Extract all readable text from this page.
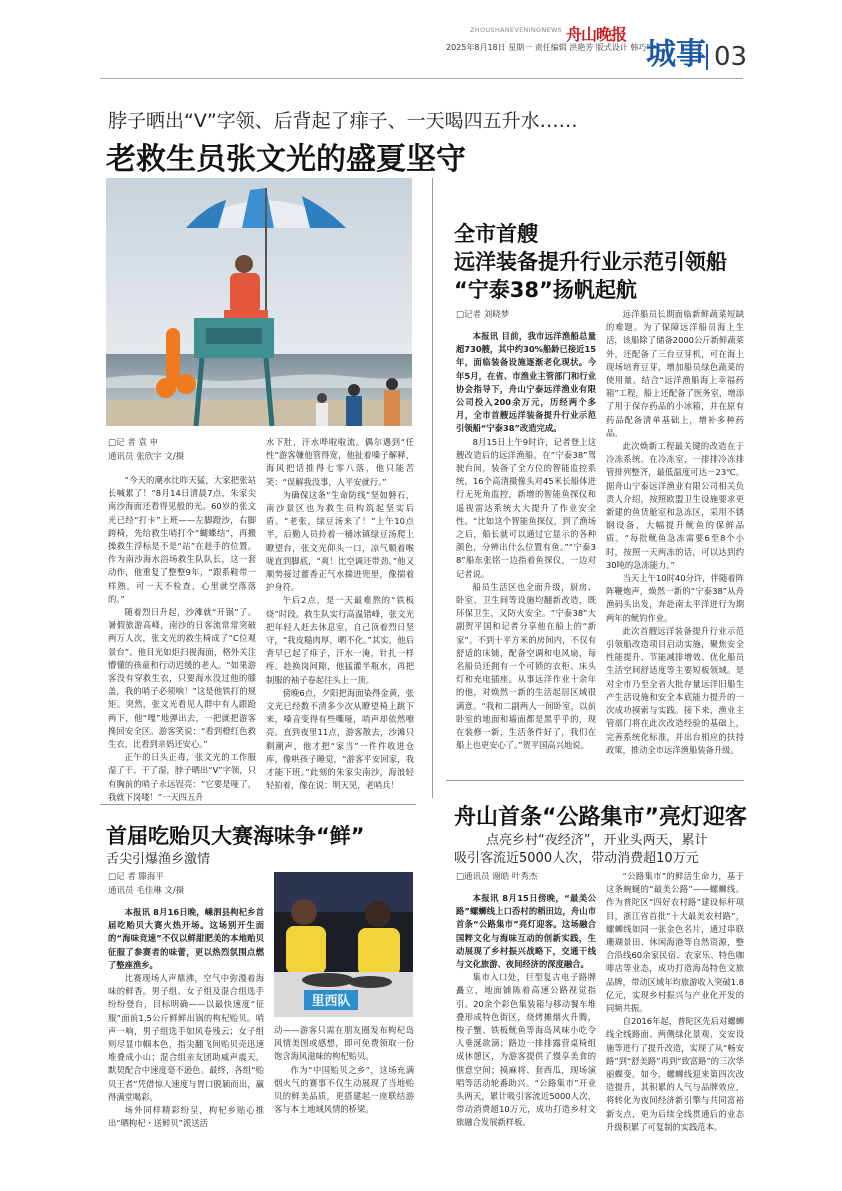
ZHOUSHANEVENINGNEWS 舟山晚报
2025年8月18日 星期一 责任编辑 洪艳芳 版式设计 韩巧叶
城事 03
脖子晒出“V”字领、后背起了痱子、一天喝四五升水……
老救生员张文光的盛夏坚守
□记 者 袁 申
通讯员 张欣宇 文/摄

“今天的潮水比昨天猛，大家把张站长喊累了！”8月14日清晨7点，朱家尖南沙海面还看得见般的光。60岁的张文光已经“打卡”上班——左脚蹬沙，右脚跨椅，先给救生哨打个“蝴蝶结”，再搬操救生浮标是不是“站”在趁手的位置。作为南沙海水浴场救生队队长，这一套动作，他重复了整整9年，“跟系鞋带一样熟，可一天不检查，心里就空落落的。”

随着烈日升起，沙滩就“开锅”了。暑假旅游高峰，南沙的日客流常常突破两万人次，张文光的救生椅成了“C位观景台”。他目光如炬扫视海面，格外关注懵懂的孩童和行动迟缓的老人。“如果游客没有穿救生衣，只要海水没过他的膝盖，我的哨子必须响！”这是他铁打的规矩。突然，张文光看见人群中有人跟跄两下，他“嘎”地弹出去，一把就把游客搀回安全区。游客笑说：“看到橙红色救生衣，比看到亲妈还安心。”

正午的日头正毒，张文光的工作服湿了干、干了湿，脖子晒出“V”字领，只有胸前的哨子永远锃亮：“它要是哑了，我就下岗喽！”一天四五升

水下肚，汗水哗啦啦流。偶尔遇到“任性”游客嫌他管得宽，他扯着嗓子解释，海风把话推得七零八落，他只能苦笑：“误解我没事，人平安就行。”

为确保这条“生命防线”坚如磐石，南沙景区也为救生员构筑起坚实后盾。“老张，绿豆汤来了！”上午10点半，后勤人员拎着一桶冰镇绿豆汤爬上瞭望台，张文光仰头一口，凉气顺着喉咙直到脚底，“爽！比空调还带劲。”他又顺势接过藿香正气水揣进兜里，像揣着护身符。

午后2点，是一天最难熬的“铁板烧”时段。救生队实行高温错峰，张文光把年轻人赶去休息室，自己顶着烈日坚守，“我皮糙肉厚，晒不化。”其实，他后背早已起了痱子，汗水一淹，针扎一样疼。趁换岗间隙，他猛灌半瓶水，再把制服的袖子卷起往头上一顶。

傍晚6点，夕阳把海面染得金黄，张文光已经数不清多少次从瞭望椅上跳下来，嗓音变得有些嘶哑，哨声却依然嘹亮。直到夜里11点，游客散去，沙滩只剩潮声，他才把“家当”一件件收进仓库，像哄孩子睡觉，“游客平安回家，我才能下班。”此刻的朱家尖南沙，海浪轻轻拍着，像在说：明天见，老哨兵！

全市首艘
远洋装备提升行业示范引领船
“宁泰38”扬帆起航
□记者 刘晓梦

本报讯 目前，我市远洋渔船总量超730艘，其中约30%船龄已接近15年，面临装备设施逐渐老化现状。今年5月，在省、市渔业主管部门和行业协会指导下，舟山宁泰远洋渔业有限公司投入200余万元，历经两个多月，全市首艘远洋装备提升行业示范引领船“宁泰38”改造完成。

8月15日上午9时许，记者登上这艘改造后的远洋渔船。在“宁泰38”驾驶台间，装备了全方位的智能监控系统，16个高清摄像头对45米长船体进行无死角监控，新增的智能鱼探仪和遥视雷达系统大大提升了作业安全性。“比如这个智能鱼探仪，到了渔场之后，船长就可以通过它显示的各种颜色，分辨出什么位置有鱼。”“宁泰38”船东张铭一边指着鱼探仪，一边对记者说。

船员生活区也全面升级，厨房、卧室、卫生间等设施均翻新改造，既环保卫生，又防火安全。“宁泰38”大副贺平国和记者分享他在船上的“新家”。不到十平方米的房间内，不仅有舒适的床铺，配备空调和电风扇，每名船员还拥有一个可锁的衣柜、床头灯和充电插座。从事远洋作业十余年的他，对焕然一新的生活起居区域很满意。“我和二副两人一间卧室，以前卧室的地面和墙面都是黑乎乎的，现在装修一新，生活条件好了，我们在船上也更安心了。”贺平国高兴地说。

远洋船员长期面临新鲜蔬菜短缺的难题。为了保障远洋船员海上生活，该船除了储备2000公斤新鲜蔬菜外，还配备了三台豆芽机，可在海上现场培育豆芽，增加船员绿色蔬菜的使用量。结合“远洋渔船海上幸福药箱”工程，船上还配备了医务室，增添了用于保存药品的小冰箱，并在原有药品配备清单基础上，增补多种药品。

此次焕新工程最关键的改造在于冷冻系统。在冷冻室，一排排冷冻排管排列整齐，最低温度可达－23℃。据舟山宁泰远洋渔业有限公司相关负责人介绍，按照欧盟卫生设施要求更新建的鱼货舱室和急冻区，采用不锈钢设备，大幅提升鱿鱼的保鲜品质。“每批鱿鱼急冻需要6至8个小时，按照一天两冻的话，可以达到约30吨的急冻能力。”

当天上午10时40分许，伴随着阵阵鞭炮声，焕然一新的“宁泰38”从舟渔码头出发，奔赴南太平洋进行为期两年的鱿钓作业。

此次首艘远洋装备提升行业示范引领船改造项目启动实施，聚焦安全性能提升、节能减排增效、优化船员生活空间舒适度等主要短板领域。是对全市乃至全省大批存量远洋旧船生产生活设施和安全本底能力提升的一次成功摸索与实践。接下来，渔业主管部门将在此次改造经验的基础上，完善系统化标准，并出台相应的扶持政策，推动全市远洋渔船装备升级。

首届吃贻贝大赛海味争“鲜”
舌尖引爆渔乡激情
□记 者 滕海平
通讯员 毛佳琳 文/摄

本报讯 8月16日晚，嵊泗县枸杞乡首届吃贻贝大赛火热开场。这场别开生面的“海味竞速”不仅以鲜甜肥美的本地贻贝征服了参赛者的味蕾，更以热烈氛围点燃了整座渔乡。

比赛现场人声鼎沸，空气中弥漫着海味的鲜香。男子组、女子组及混合组选手纷纷登台，目标明确——以最快速度“征服”面前1.5公斤鲜鲜出锅的枸杞贻贝。哨声一响，男子组选手如风卷残云；女子组则尽显巾帼本色，指尖翻飞间贻贝壳迅速堆叠成小山；混合组亲友团助威声震天，默契配合中速度毫不逊色。最终，各组“贻贝王者”凭借惊人速度与胃口脱颖而出，赢得满堂喝彩。

场外同样精彩纷呈，枸杞乡贴心推出“晒枸杞・送鲜贝”派送活

里西队

动——游客只需在朋友圈发布枸杞岛风情美图或感想，即可免费领取一份饱含海风滋味的枸杞贻贝。

作为“中国贻贝之乡”，这场充满烟火气的赛事不仅生动展现了当地贻贝的鲜美品质，更搭建起一座联结游客与本土地域风情的桥梁。

舟山首条“公路集市”亮灯迎客
点亮乡村“夜经济”，开业头两天，累计
吸引客流近5000人次，带动消费超10万元
□通讯员 谢皓 叶秀杰

本报讯 8月15日傍晚，“最美公路”螺蛳线上口岙村的稻田边，舟山市首条“公路集市”亮灯迎客。这场融合国粹文化与海味互动的创新实践，生动展现了乡村振兴战略下，交通干线与文化旅游、夜间经济的深度融合。

集市入口处，巨型复古电子路牌矗立，地面铺陈着高速公路视觉指引。20余个彩色集装箱与移动餐车堆叠形成特色街区，烧烤摊烟火升腾，梭子蟹、铁板鱿鱼等海岛风味小吃令人垂涎欲滴；路边一排排露营桌椅组成休憩区，为游客提供了慢享美食的惬意空间；摸麻将、套西瓜，现场演唱等活动轮番助兴。“公路集市”开业头两天，累计吸引客流近5000人次，带动消费超10万元，成功打造乡村文旅融合发展新样板。

“公路集市”的鲜活生命力，基于这条蜿蜒的“最美公路”——螺蛳线。作为普陀区“四好农村路”建设标杆项目，浙江省首批“十大最美农村路”，螺蛳线如同一张金色名片，通过串联珊瑚景田、休闲海港等自然资源，整合沿线60余家民宿、农家乐、特色咖啡店等业态，成功打造海岛特色文旅品牌，带动区域年均旅游收入突破1.8亿元，实现乡村振兴与产业化开发的同频共振。

自2016年起，普陀区先后对螺蛳线全线路面、两侧绿化景观、交安设施等进行了提升改造，实现了从“畅安路”到“舒美路”再到“致富路”的三次华丽蝶变。如今，螺蛳线迎来第四次改造提升，其积累的人气与品牌效应，将转化为夜间经济新引擎与共同富裕新支点，更为后续全线贯通后的业态升级积累了可复制的实践范本。
